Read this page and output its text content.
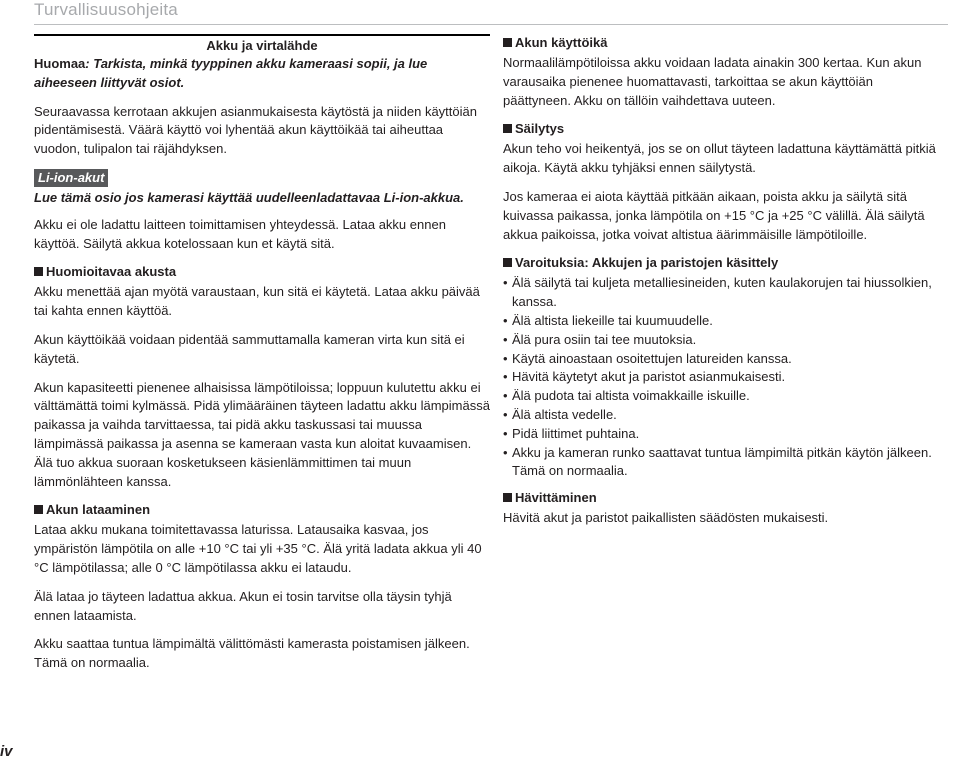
Turvallisuusohjeita
Akku ja virtalähde

Huomaa: Tarkista, minkä tyyppinen akku kameraasi sopii, ja lue aiheeseen liittyvät osiot.

Seuraavassa kerrotaan akkujen asianmukaisesta käytöstä ja niiden käyttöiän pidentämisestä. Väärä käyttö voi lyhentää akun käyttöikää tai aiheuttaa vuodon, tulipalon tai räjähdyksen.

Li-ion-akut

Lue tämä osio jos kamerasi käyttää uudelleenladattavaa Li-ion-akkua.

Akku ei ole ladattu laitteen toimittamisen yhteydessä. Lataa akku ennen käyttöä. Säilytä akkua kotelossaan kun et käytä sitä.

Huomioitavaa akusta

Akku menettää ajan myötä varaustaan, kun sitä ei käytetä. Lataa akku päivää tai kahta ennen käyttöä.

Akun käyttöikää voidaan pidentää sammuttamalla kameran virta kun sitä ei käytetä.

Akun kapasiteetti pienenee alhaisissa lämpötiloissa; loppuun kulutettu akku ei välttämättä toimi kylmässä. Pidä ylimääräinen täyteen ladattu akku lämpimässä paikassa ja vaihda tarvittaessa, tai pidä akku taskussasi tai muussa lämpimässä paikassa ja asenna se kameraan vasta kun aloitat kuvaamisen. Älä tuo akkua suoraan kosketukseen käsienlämmittimen tai muun lämmönlähteen kanssa.

Akun lataaminen

Lataa akku mukana toimitettavassa laturissa. Latausaika kasvaa, jos ympäristön lämpötila on alle +10 °C tai yli +35 °C. Älä yritä ladata akkua yli 40 °C lämpötilassa; alle 0 °C lämpötilassa akku ei lataudu.

Älä lataa jo täyteen ladattua akkua. Akun ei tosin tarvitse olla täysin tyhjä ennen lataamista.

Akku saattaa tuntua lämpimältä välittömästi kamerasta poistamisen jälkeen. Tämä on normaalia.

Akun käyttöikä

Normaalilämpötiloissa akku voidaan ladata ainakin 300 kertaa. Kun akun varausaika pienenee huomattavasti, tarkoittaa se akun käyttöiän päättyneen. Akku on tällöin vaihdettava uuteen.

Säilytys

Akun teho voi heikentyä, jos se on ollut täyteen ladattuna käyttämättä pitkiä aikoja. Käytä akku tyhjäksi ennen säilytystä.

Jos kameraa ei aiota käyttää pitkään aikaan, poista akku ja säilytä sitä kuivassa paikassa, jonka lämpötila on +15 °C ja +25 °C välillä. Älä säilytä akkua paikoissa, jotka voivat altistua äärimmäisille lämpötiloille.

Varoituksia: Akkujen ja paristojen käsittely
• Älä säilytä tai kuljeta metalliesineiden, kuten kaulakorujen tai hiussolkien, kanssa.
• Älä altista liekeille tai kuumuudelle.
• Älä pura osiin tai tee muutoksia.
• Käytä ainoastaan osoitettujen latureiden kanssa.
• Hävitä käytetyt akut ja paristot asianmukaisesti.
• Älä pudota tai altista voimakkaille iskuille.
• Älä altista vedelle.
• Pidä liittimet puhtaina.
• Akku ja kameran runko saattavat tuntua lämpimiltä pitkän käytön jälkeen. Tämä on normaalia.
Hävittäminen

Hävitä akut ja paristot paikallisten säädösten mukaisesti.

iv
